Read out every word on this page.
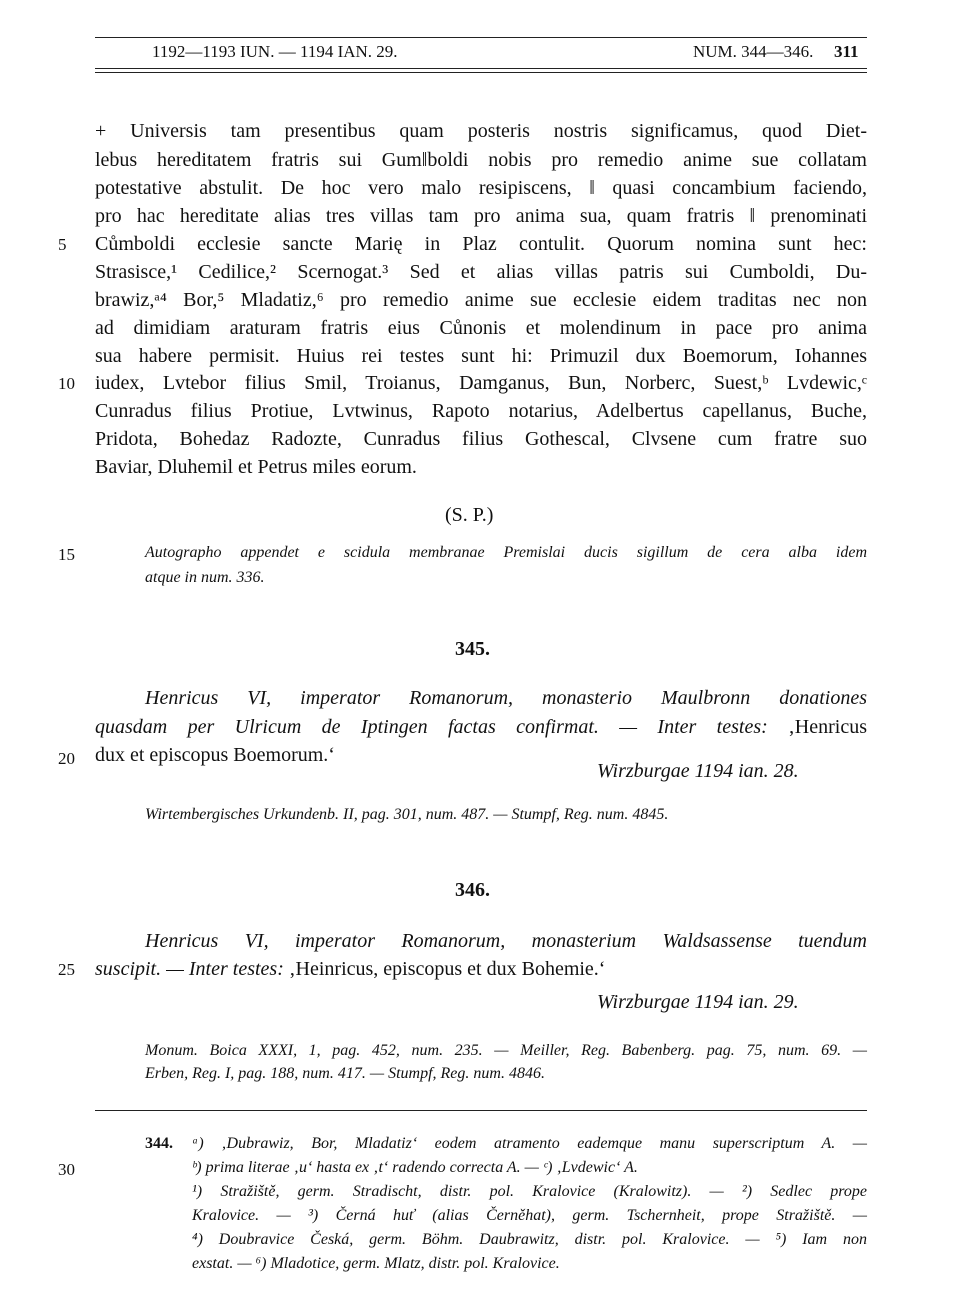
1192—1193 IUN. — 1194 IAN. 29.	NUM. 344—346. 311
5
10
15
20
25
30
+ Universis tam presentibus quam posteris nostris significamus, quod Diet-
lebus hereditatem fratris sui Gum‖boldi nobis pro remedio anime sue collatam
potestative abstulit. De hoc vero malo resipiscens, ‖ quasi concambium faciendo,
pro hac hereditate alias tres villas tam pro anima sua, quam fratris ‖ prenominati
Cůmboldi ecclesie sancte Marię in Plaz contulit. Quorum nomina sunt hec:
Strasisce,¹ Cedilice,² Scernogat.³ Sed et alias villas patris sui Cumboldi, Du-
brawiz,ᵃ⁴ Bor,⁵ Mladatiz,⁶ pro remedio anime sue ecclesie eidem traditas nec non
ad dimidiam araturam fratris eius Cůnonis et molendinum in pace pro anima
sua habere permisit. Huius rei testes sunt hi: Primuzil dux Boemorum, Iohannes
iudex, Lvtebor filius Smil, Troianus, Damganus, Bun, Norberc, Suest,ᵇ Lvdewic,ᶜ
Cunradus filius Protiue, Lvtwinus, Rapoto notarius, Adelbertus capellanus, Buche,
Pridota, Bohedaz Radozte, Cunradus filius Gothescal, Clvsene cum fratre suo
Baviar, Dluhemil et Petrus miles eorum.
(S. P.)
Autographo appendet e scidula membranae Premislai ducis sigillum de cera alba idem
atque in num. 336.
345.
Henricus VI, imperator Romanorum, monasterio Maulbronn donationes
quasdam per Ulricum de Iptingen factas confirmat. — Inter testes: ‚Henricus
dux et episcopus Boemorum.‘
Wirzburgae 1194 ian. 28.
Wirtembergisches Urkundenb. II, pag. 301, num. 487. — Stumpf, Reg. num. 4845.
346.
Henricus VI, imperator Romanorum, monasterium Waldsassense tuendum
suscipit. — Inter testes: ‚Heinricus, episcopus et dux Bohemie.‘
Wirzburgae 1194 ian. 29.
Monum. Boica XXXI, 1, pag. 452, num. 235. — Meiller, Reg. Babenberg. pag. 75, num. 69. —
Erben, Reg. I, pag. 188, num. 417. — Stumpf, Reg. num. 4846.
344. ᵃ) ‚Dubrawiz, Bor, Mladatiz‘ eodem atramento eademque manu superscriptum A. —
ᵇ) prima literae ‚u‘ hasta ex ‚t‘ radendo correcta A. — ᶜ) ‚Lvdewic‘ A.
¹) Stražiště, germ. Stradischt, distr. pol. Kralovice (Kralowitz). — ²) Sedlec prope
Kralovice. — ³) Černá huť (alias Černěhat), germ. Tschernheit, prope Stražiště. —
⁴) Doubravice Česká, germ. Böhm. Daubrawitz, distr. pol. Kralovice. — ⁵) Iam non
exstat. — ⁶) Mladotice, germ. Mlatz, distr. pol. Kralovice.
